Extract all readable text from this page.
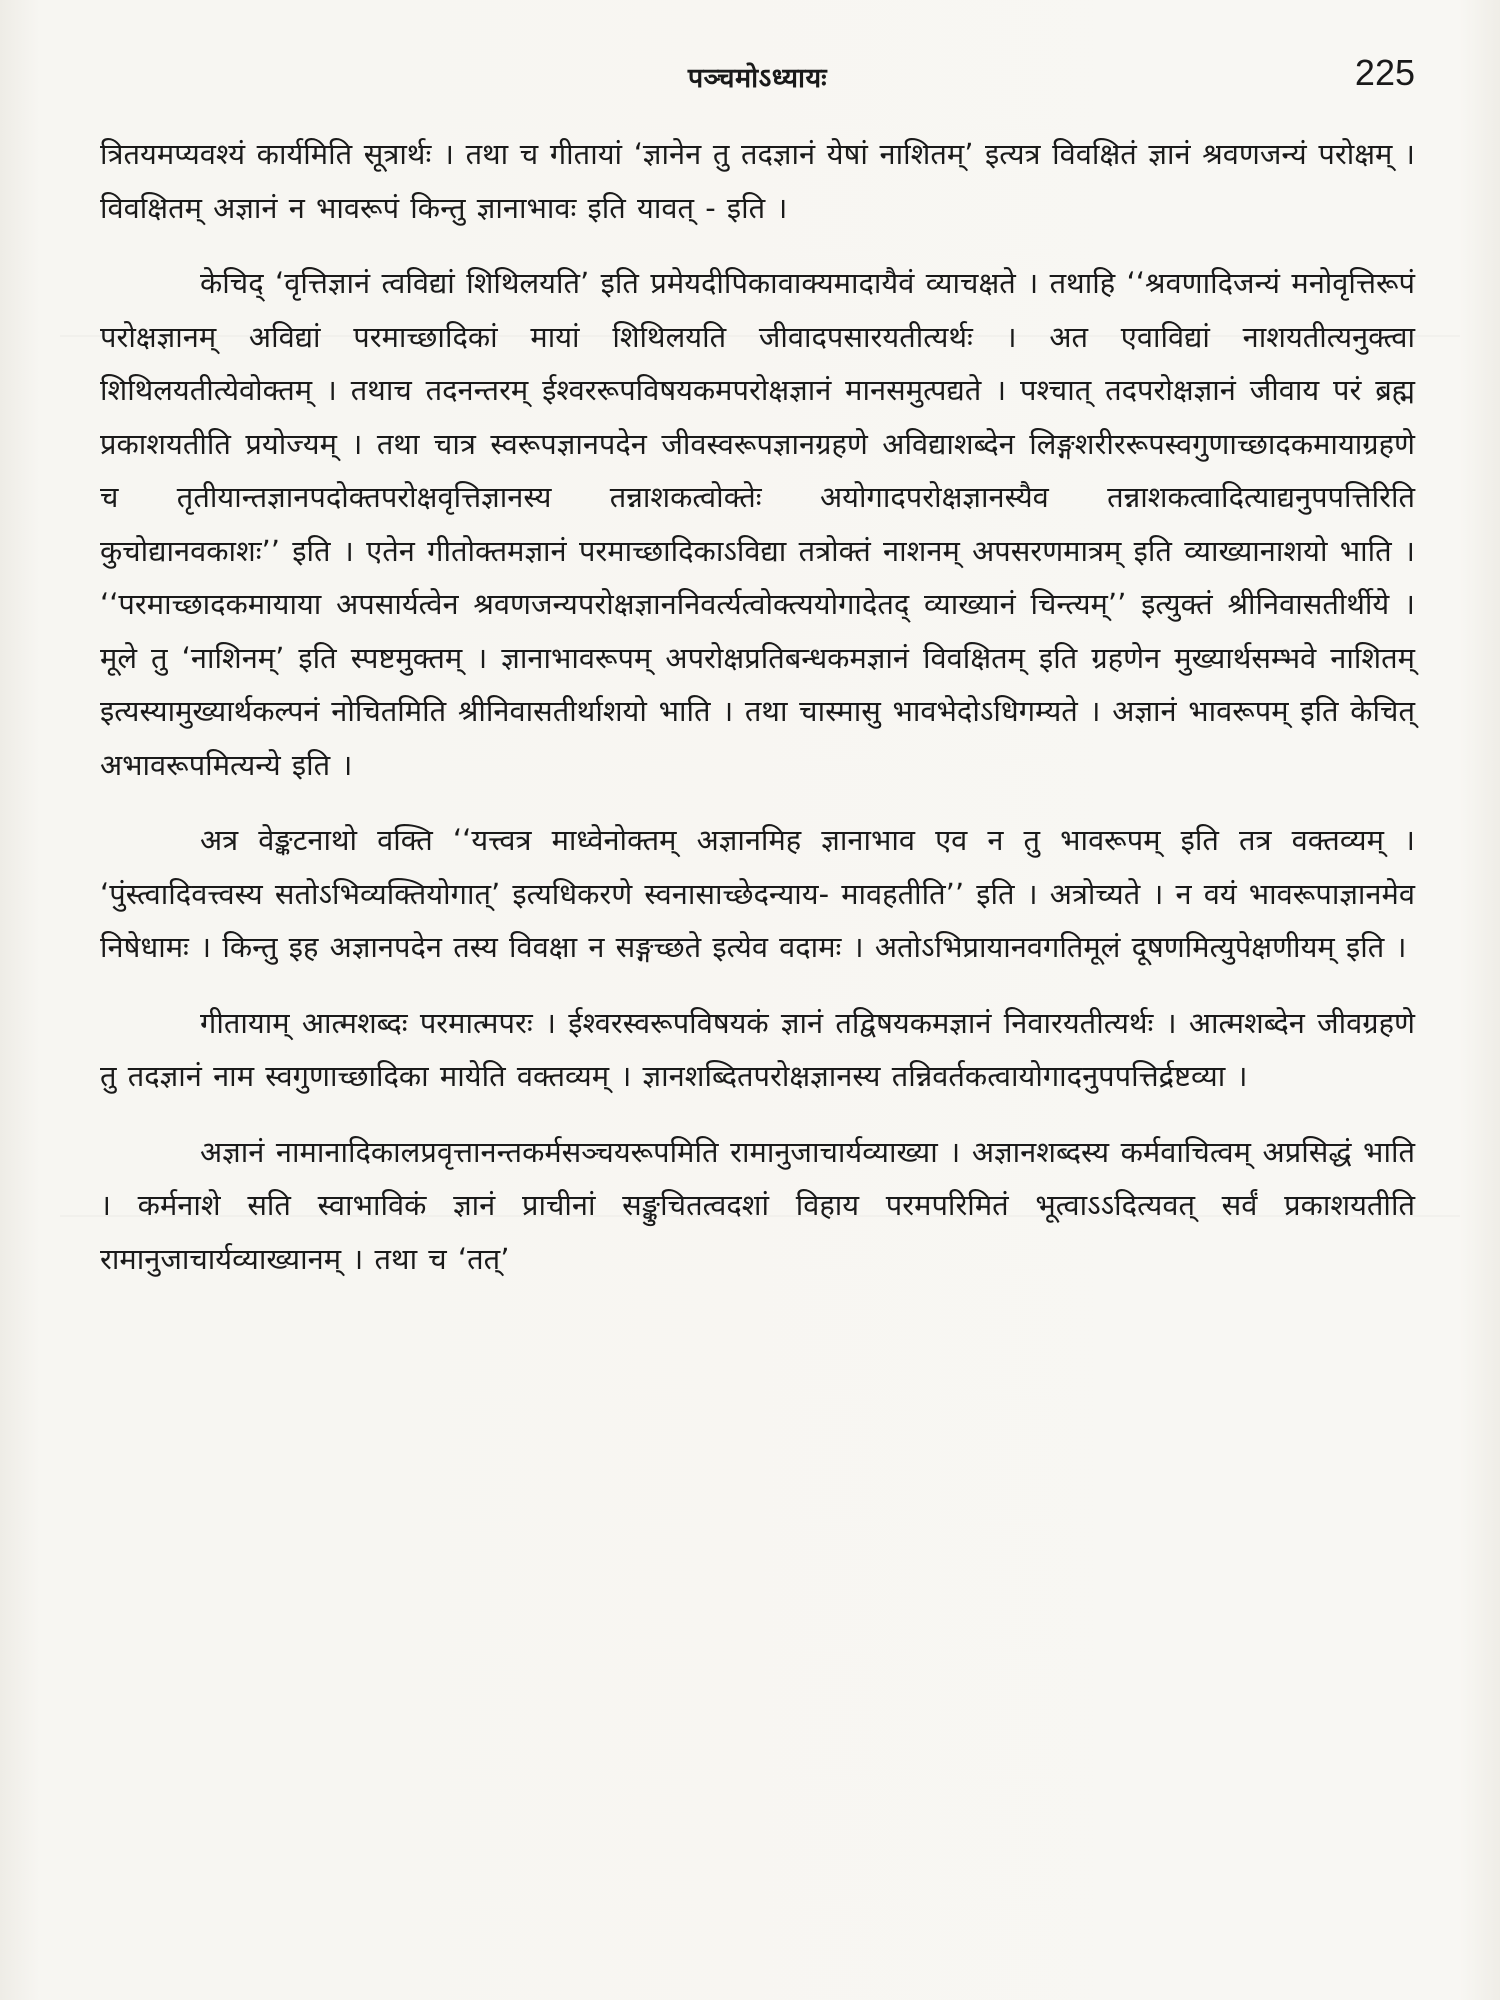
पञ्चमोऽध्यायः	225

त्रितयमप्यवश्यं कार्यमिति सूत्रार्थः । तथा च गीतायां ‘ज्ञानेन तु तदज्ञानं येषां नाशितम्’ इत्यत्र विवक्षितं ज्ञानं श्रवणजन्यं परोक्षम् । विवक्षितम् अज्ञानं न भावरूपं किन्तु ज्ञानाभावः इति यावत् - इति ।

केचिद् ‘वृत्तिज्ञानं त्वविद्यां शिथिलयति’ इति प्रमेयदीपिकावाक्यमादायैवं व्याचक्षते । तथाहि ‘‘श्रवणादिजन्यं मनोवृत्तिरूपं परोक्षज्ञानम् अविद्यां परमाच्छादिकां मायां शिथिलयति जीवादपसारयतीत्यर्थः । अत एवाविद्यां नाशयतीत्यनुक्त्वा शिथिलयतीत्येवोक्तम् । तथाच तदनन्तरम् ईश्वररूपविषयकमपरोक्षज्ञानं मानसमुत्पद्यते । पश्चात् तदपरोक्षज्ञानं जीवाय परं ब्रह्म प्रकाशयतीति प्रयोज्यम् । तथा चात्र स्वरूपज्ञानपदेन जीवस्वरूपज्ञानग्रहणे अविद्याशब्देन लिङ्गशरीररूपस्वगुणाच्छादकमायाग्रहणे च तृतीयान्तज्ञानपदोक्तपरोक्षवृत्तिज्ञानस्य तन्नाशकत्वोक्तेः अयोगादपरोक्षज्ञानस्यैव तन्नाशकत्वादित्याद्यनुपपत्तिरिति कुचोद्यानवकाशः’’ इति । एतेन गीतोक्तमज्ञानं परमाच्छादिकाऽविद्या तत्रोक्तं नाशनम् अपसरणमात्रम् इति व्याख्यानाशयो भाति । ‘‘परमाच्छादकमायाया अपसार्यत्वेन श्रवणजन्यपरोक्षज्ञाननिवर्त्यत्वोक्त्ययोगादेतद् व्याख्यानं चिन्त्यम्’’ इत्युक्तं श्रीनिवासतीर्थीये । मूले तु ‘नाशिनम्’ इति स्पष्टमुक्तम् । ज्ञानाभावरूपम् अपरोक्षप्रतिबन्धकमज्ञानं विवक्षितम् इति ग्रहणेन मुख्यार्थसम्भवे नाशितम् इत्यस्यामुख्यार्थकल्पनं नोचितमिति श्रीनिवासतीर्थाशयो भाति । तथा चास्मासु भावभेदोऽधिगम्यते । अज्ञानं भावरूपम् इति केचित् अभावरूपमित्यन्ये इति ।

अत्र वेङ्कटनाथो वक्ति ‘‘यत्त्वत्र माध्वेनोक्तम् अज्ञानमिह ज्ञानाभाव एव न तु भावरूपम् इति तत्र वक्तव्यम् । ‘पुंस्त्वादिवत्त्वस्य सतोऽभिव्यक्तियोगात्’ इत्यधिकरणे स्वनासाच्छेदन्याय- मावहतीति’’ इति । अत्रोच्यते । न वयं भावरूपाज्ञानमेव निषेधामः । किन्तु इह अज्ञानपदेन तस्य विवक्षा न सङ्गच्छते इत्येव वदामः । अतोऽभिप्रायानवगतिमूलं दूषणमित्युपेक्षणीयम् इति ।

गीतायाम् आत्मशब्दः परमात्मपरः । ईश्वरस्वरूपविषयकं ज्ञानं तद्विषयकमज्ञानं निवारयतीत्यर्थः । आत्मशब्देन जीवग्रहणे तु तदज्ञानं नाम स्वगुणाच्छादिका मायेति वक्तव्यम् । ज्ञानशब्दितपरोक्षज्ञानस्य तन्निवर्तकत्वायोगादनुपपत्तिर्द्रष्टव्या ।

अज्ञानं नामानादिकालप्रवृत्तानन्तकर्मसञ्चयरूपमिति रामानुजाचार्यव्याख्या । अज्ञानशब्दस्य कर्मवाचित्वम् अप्रसिद्धं भाति । कर्मनाशे सति स्वाभाविकं ज्ञानं प्राचीनां सङ्कुचितत्वदशां विहाय परमपरिमितं भूत्वाऽऽदित्यवत् सर्वं प्रकाशयतीति रामानुजाचार्यव्याख्यानम् । तथा च ‘तत्’
